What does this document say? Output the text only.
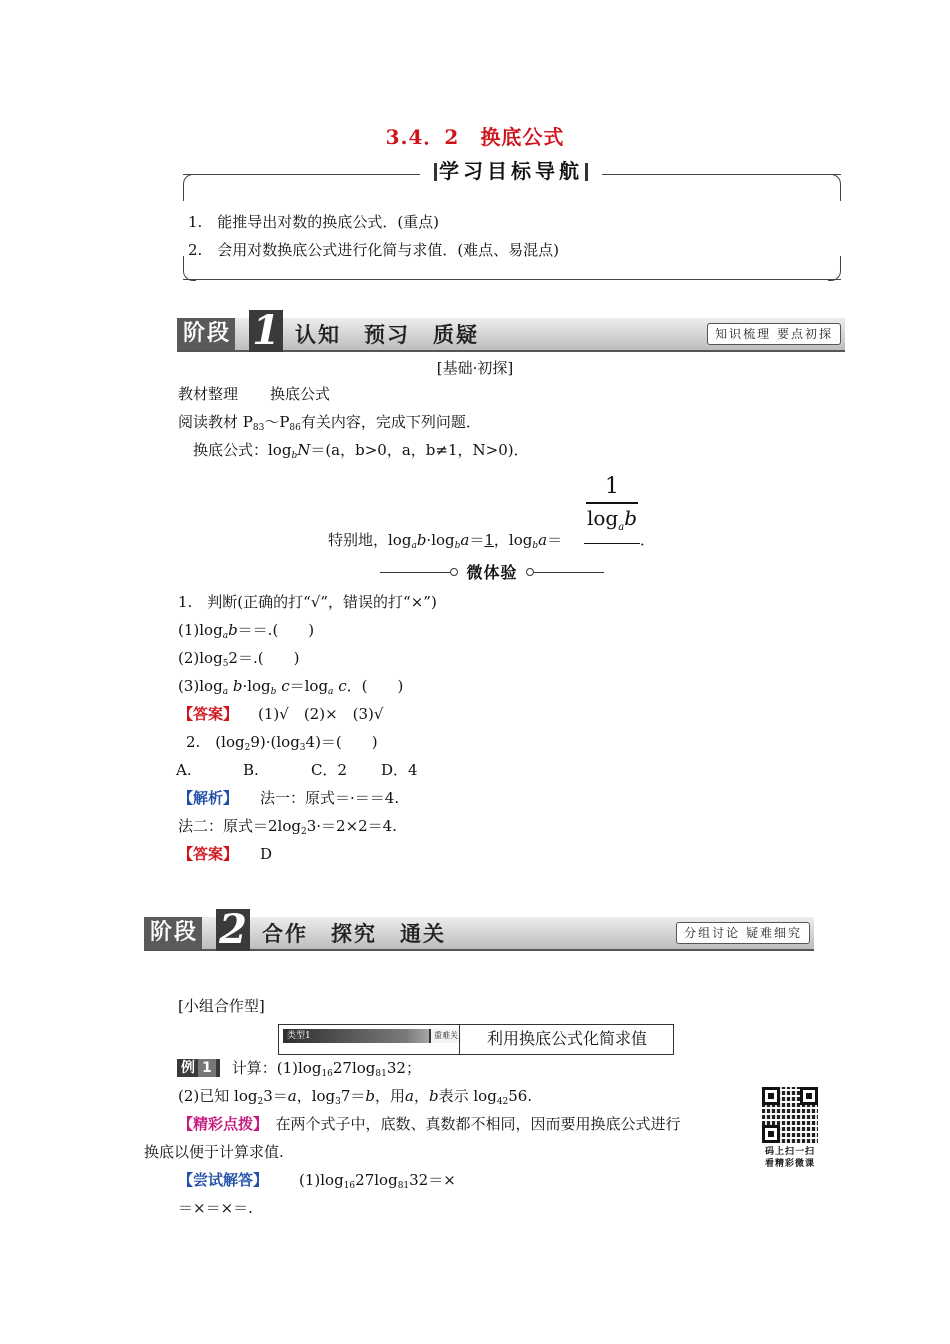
3.4．2　换底公式
学习目标导航
1.　能推导出对数的换底公式．(重点)
2.　会用对数换底公式进行化简与求值．(难点、易混点)
阶段 1 认知　预习　质疑	知识梳理 要点初探
[基础·初探]
教材整理 换底公式
阅读教材 $P_{83}\sim P_{86}$有关内容，完成下列问题．
换底公式：$\log_bN=(a$，b>0，a，b≠1，N>0)．
特别地，$\log_ab\cdot\log_ba=1$，$\log_ba=$	．
1
$\log_ab$
微体验
1.　判断(正确的打“√”，错误的打“×”)
$(1)\log_ab==$.(　　)
$(2)\log_52=$.(　　)
$(3)\log_a$ $b\cdot\log_b$ $c=\log_a$ c．(　　)
【答案】 (1)√　(2)×　(3)√
2.　$(\log_29)\cdot(\log_34)=$(　　)
A.	B.	C．2 D．4
【解析】 法一：原式＝·＝＝4.
法二：原式$=2\log_23\cdot=2\times 2=4$.
【答案】 D
阶段 2 合作　探究　通关	分组讨论 疑难细究
[小组合作型]
类型1	重难关 利用换底公式化简求值
例 1 计算：$(1)\log_{16}27\log_{81}32$；
(2)已知 $\log_23=a$，$\log_37=b$，用a，b表示 $\log_{42}56$.
【精彩点拨】　在两个式子中，底数、真数都不相同，因而要用换底公式进行
换底以便于计算求值.
【尝试解答】　$(1)\log_{16}27\log_{81}32=\times$
＝×＝×＝.
码上扫一扫
看精彩微课
